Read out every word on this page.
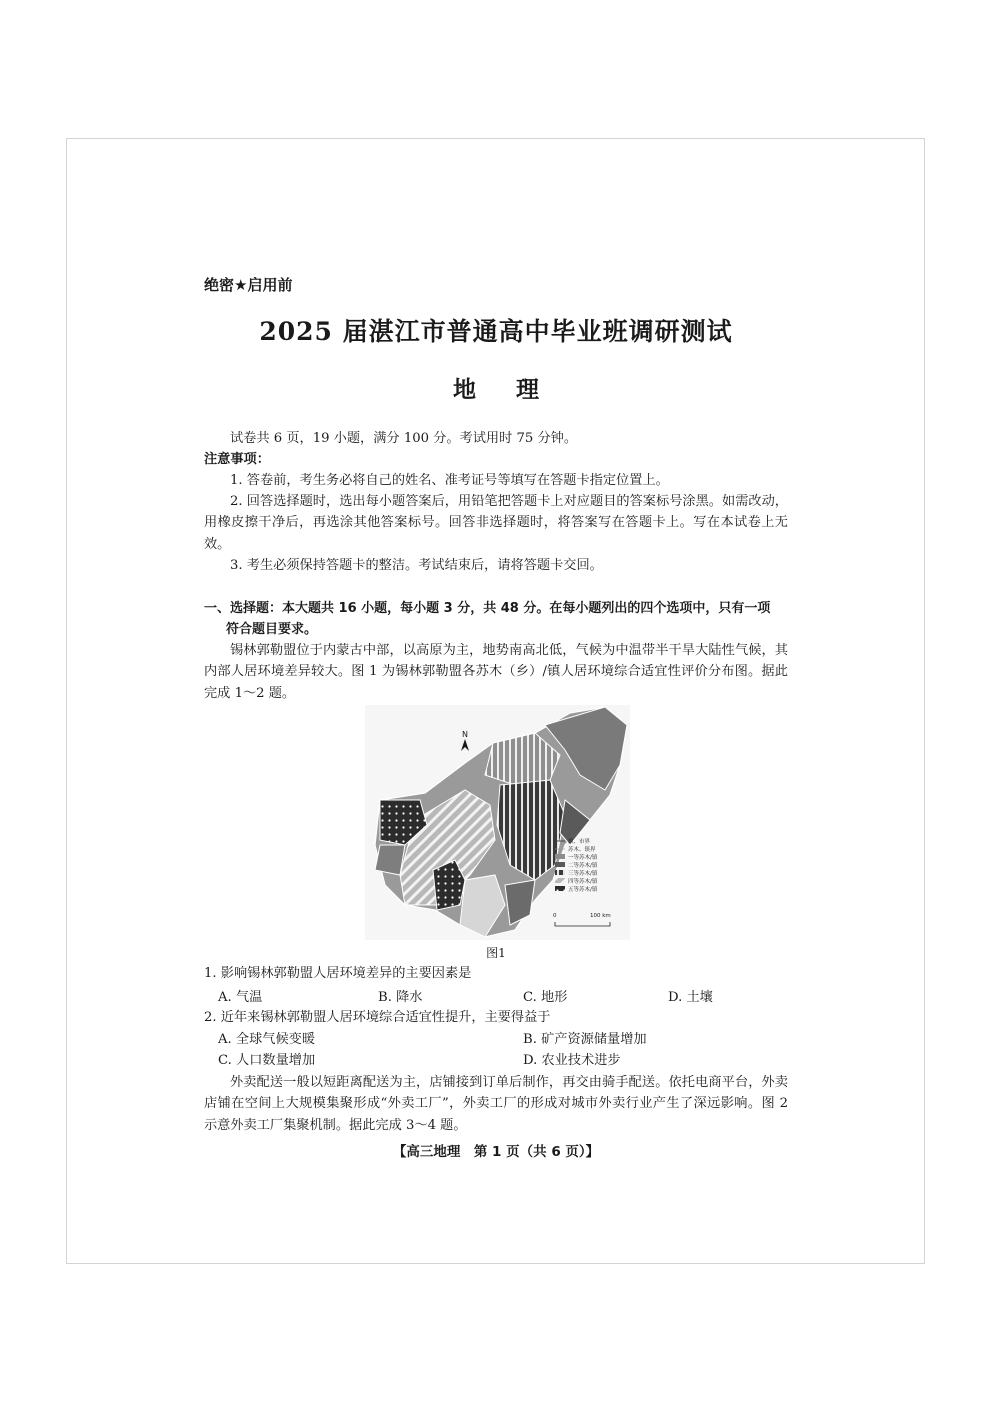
绝密★启用前
2025 届湛江市普通高中毕业班调研测试
地 理
试卷共 6 页，19 小题，满分 100 分。考试用时 75 分钟。
注意事项：
1. 答卷前，考生务必将自己的姓名、准考证号等填写在答题卡指定位置上。
2. 回答选择题时，选出每小题答案后，用铅笔把答题卡上对应题目的答案标号涂黑。如需改动，用橡皮擦干净后，再选涂其他答案标号。回答非选择题时，将答案写在答题卡上。写在本试卷上无效。
3. 考生必须保持答题卡的整洁。考试结束后，请将答题卡交回。
一、选择题：本大题共 16 小题，每小题 3 分，共 48 分。在每小题列出的四个选项中，只有一项
符合题目要求。
锡林郭勒盟位于内蒙古中部，以高原为主，地势南高北低，气候为中温带半干旱大陆性气候，其内部人居环境差异较大。图 1 为锡林郭勒盟各苏木（乡）/镇人居环境综合适宜性评价分布图。据此完成 1～2 题。
N
旗、市界
苏木、镇界
一等苏木/镇
二等苏木/镇
三等苏木/镇
四等苏木/镇
五等苏木/镇
0	100 km
图1
1. 影响锡林郭勒盟人居环境差异的主要因素是
A. 气温	B. 降水	C. 地形	D. 土壤
2. 近年来锡林郭勒盟人居环境综合适宜性提升，主要得益于
A. 全球气候变暖	B. 矿产资源储量增加
C. 人口数量增加	D. 农业技术进步
外卖配送一般以短距离配送为主，店铺接到订单后制作，再交由骑手配送。依托电商平台，外卖店铺在空间上大规模集聚形成“外卖工厂”，外卖工厂的形成对城市外卖行业产生了深远影响。图 2 示意外卖工厂集聚机制。据此完成 3～4 题。
【高三地理　第 1 页（共 6 页）】
